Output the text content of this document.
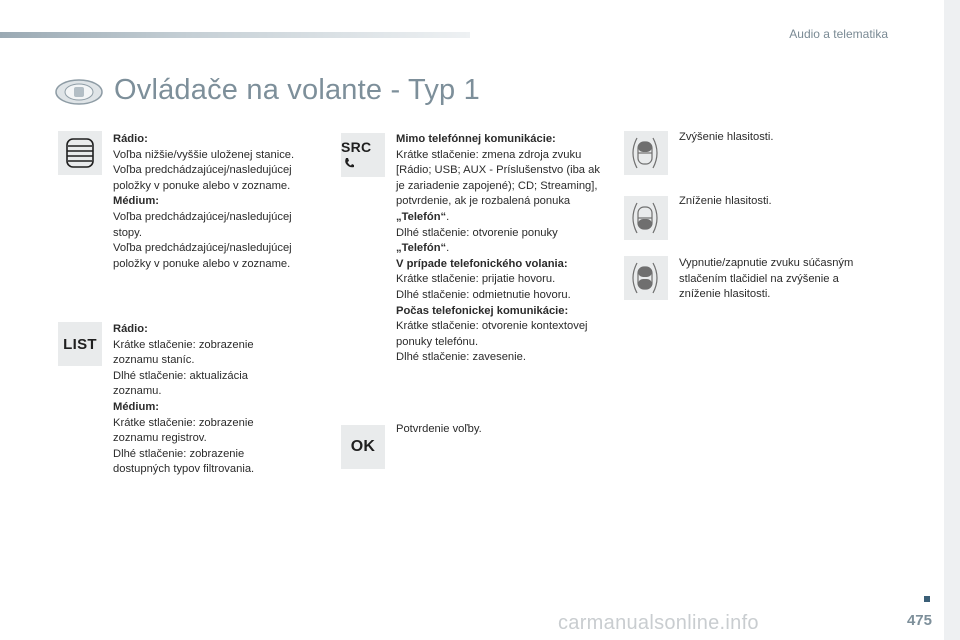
Audio a telematika
Ovládače na volante - Typ 1

Rádio:

Voľba nižšie/vyššie uloženej stanice.

Voľba predchádzajúcej/nasledujúcej položky v ponuke alebo v zozname.

Médium:

Voľba predchádzajúcej/nasledujúcej stopy.

Voľba predchádzajúcej/nasledujúcej položky v ponuke alebo v zozname.

LIST

Rádio:

Krátke stlačenie: zobrazenie zoznamu staníc.

Dlhé stlačenie: aktualizácia zoznamu.

Médium:

Krátke stlačenie: zobrazenie zoznamu registrov.

Dlhé stlačenie: zobrazenie dostupných typov filtrovania.

SRC	Mimo telefónnej komunikácie:

Krátke stlačenie: zmena zdroja zvuku [Rádio; USB; AUX - Príslušenstvo (iba ak je zariadenie zapojené); CD; Streaming], potvrdenie, ak je rozbalená ponuka „Telefón“.

Dlhé stlačenie: otvorenie ponuky „Telefón“.

V prípade telefonického volania:

Krátke stlačenie: prijatie hovoru.

Dlhé stlačenie: odmietnutie hovoru.

Počas telefonickej komunikácie:

Krátke stlačenie: otvorenie kontextovej ponuky telefónu.

Dlhé stlačenie: zavesenie.

OK

Potvrdenie voľby.

Zvýšenie hlasitosti.

Zníženie hlasitosti.

Vypnutie/zapnutie zvuku súčasným stlačením tlačidiel na zvýšenie a zníženie hlasitosti.

475
carmanualsonline.info
